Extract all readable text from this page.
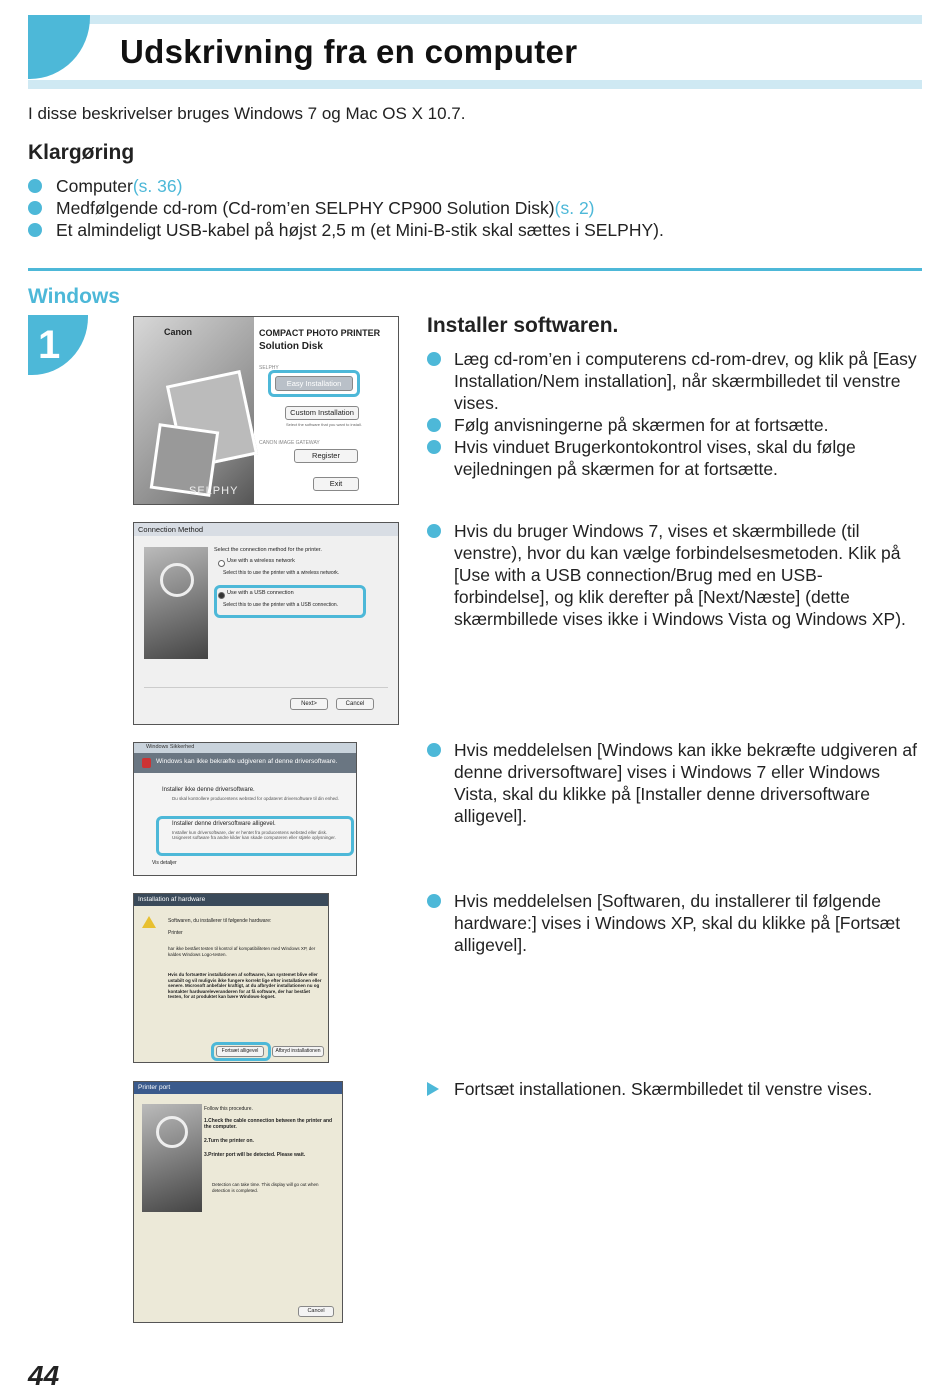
Udskrivning fra en computer
I disse beskrivelser bruges Windows 7 og Mac OS X 10.7.
Klargøring
Computer (s. 36)
Medfølgende cd-rom (Cd-rom’en SELPHY CP900 Solution Disk) (s. 2)
Et almindeligt USB-kabel på højst 2,5 m (et Mini-B-stik skal sættes i SELPHY).
Windows
1	Installer softwaren.

Læg cd-rom’en i computerens cd-rom-drev, og klik på [Easy Installation/Nem installation], når skærmbilledet til venstre vises.

Følg anvisningerne på skærmen for at fortsætte.

Hvis vinduet Brugerkontokontrol vises, skal du følge vejledningen på skærmen for at fortsætte.

Hvis du bruger Windows 7, vises et skærmbillede (til venstre), hvor du kan vælge forbindelsesmetoden. Klik på [Use with a USB connection/Brug med en USB-forbindelse], og klik derefter på [Next/Næste] (dette skærmbillede vises ikke i Windows Vista og Windows XP).

Hvis meddelelsen [Windows kan ikke bekræfte udgiveren af denne driversoftware] vises i Windows 7 eller Windows Vista, skal du klikke på [Installer denne driversoftware alligevel].

Hvis meddelelsen [Softwaren, du installerer til følgende hardware:] vises i Windows XP, skal du klikke på [Fortsæt alligevel].

Fortsæt installationen. Skærmbilledet til venstre vises.

Canon
SELPHY
COMPACT PHOTO PRINTER
Solution Disk
SELPHY
Easy Installation
Custom Installation
Select the software that you want to install.
CANON iMAGE GATEWAY
Register
Exit
Connection Method
Select the connection method for the printer.
Use with a wireless network
Select this to use the printer with a wireless network.
Use with a USB connection
Select this to use the printer with a USB connection.
Next>	Cancel
Windows Sikkerhed
Windows kan ikke bekræfte udgiveren af denne driversoftware.
Installer ikke denne driversoftware.
Du skal kontrollere producentens websted for opdateret driversoftware til din enhed.
Installer denne driversoftware alligevel.
Installer kun driversoftware, der er hentet fra producentens websted eller disk. Usigneret software fra andre kilder kan skade computeren eller stjæle oplysninger.
Vis detaljer
Installation af hardware
Softwaren, du installerer til følgende hardware:
Printer
har ikke bestået testen til kontrol af kompatibiliteten med Windows XP, der kaldes Windows Logo-testen.
Hvis du fortsætter installationen af softwaren, kan systemet blive eller ustabilt og vil muligvis ikke fungere korrekt lige efter installationen eller senere. Microsoft anbefaler kraftigt, at du afbryder installationen nu og kontakter hardwareleverandøren for at få software, der har bestået testen, for at produktet kan bære Windows-logoet.
Fortsæt alligevel	Afbryd installationen
Printer port
Follow this procedure.
1.Check the cable connection between the printer and the computer.
2.Turn the printer on.
3.Printer port will be detected. Please wait.
Detection can take time. This display will go out when detection is completed.
Cancel
44
